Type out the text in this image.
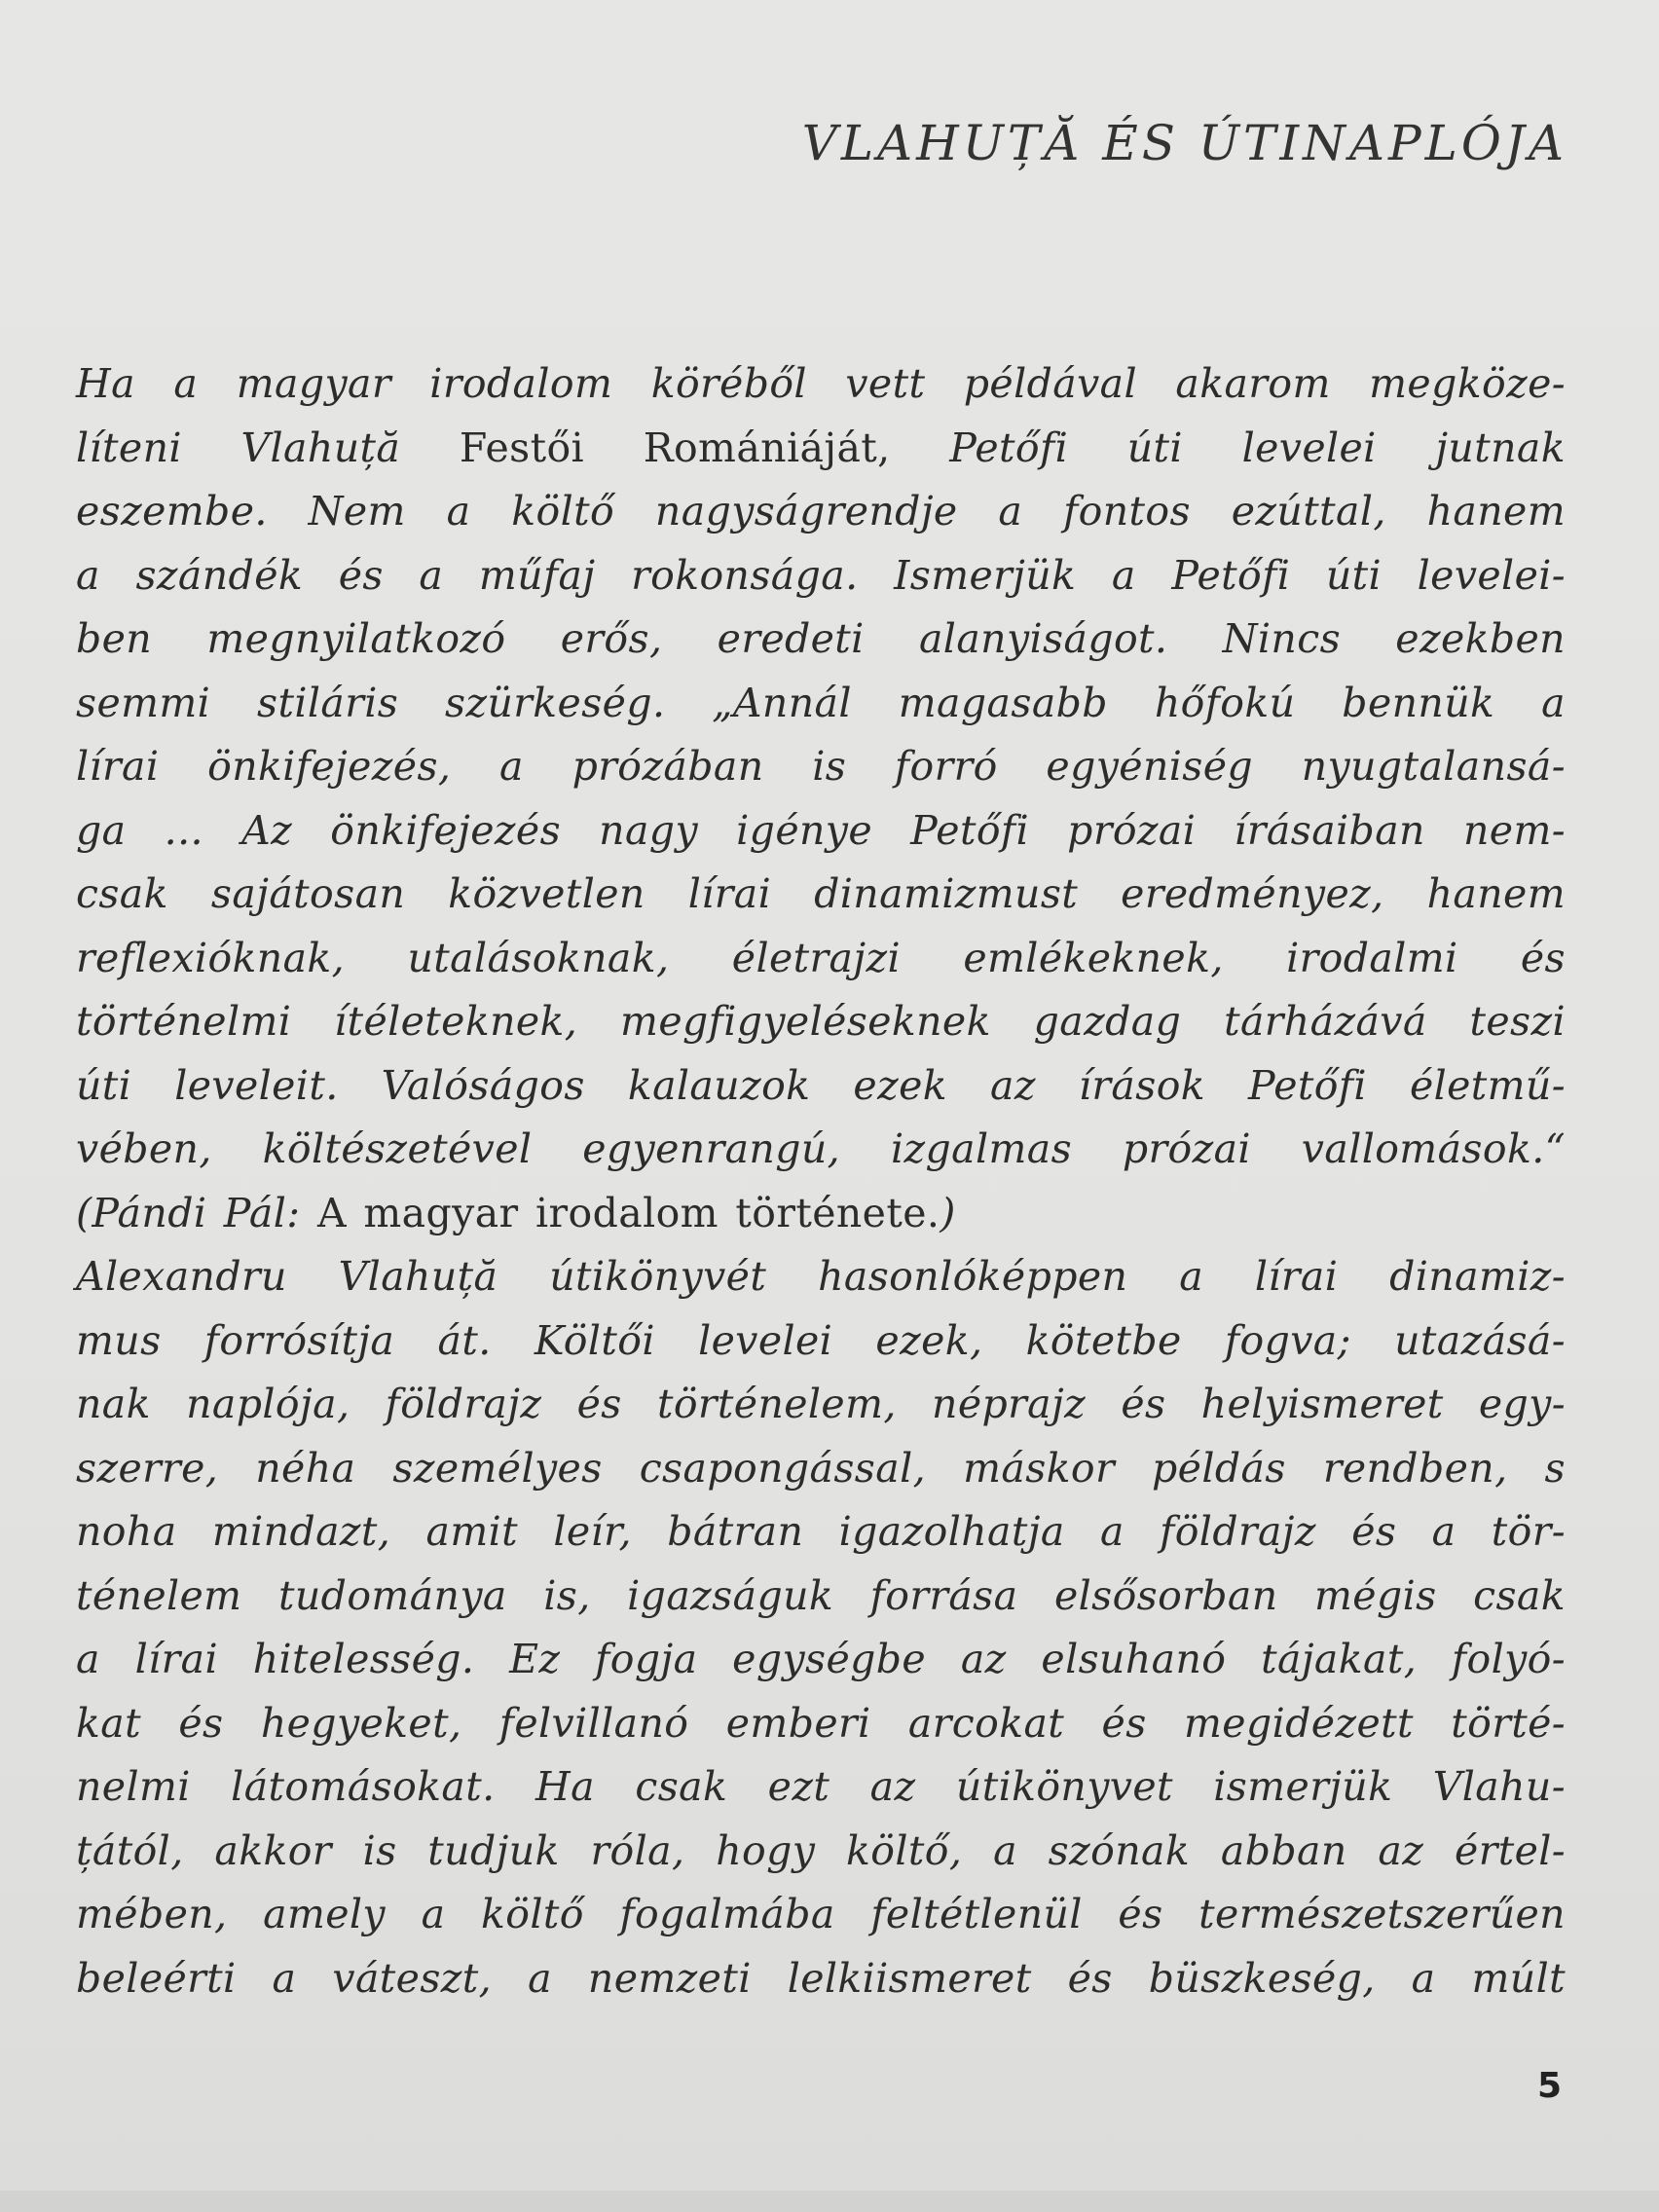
VLAHUȚĂ ÉS ÚTINAPLÓJA
Ha a magyar irodalom köréből vett példával akarom megköze-
líteni Vlahuță Festői Romániáját, Petőfi úti levelei jutnak
eszembe. Nem a költő nagyságrendje a fontos ezúttal, hanem
a szándék és a műfaj rokonsága. Ismerjük a Petőfi úti levelei-
ben megnyilatkozó erős, eredeti alanyiságot. Nincs ezekben
semmi stiláris szürkeség. „Annál magasabb hőfokú bennük a
lírai önkifejezés, a prózában is forró egyéniség nyugtalansá-
ga ... Az önkifejezés nagy igénye Petőfi prózai írásaiban nem-
csak sajátosan közvetlen lírai dinamizmust eredményez, hanem
reflexióknak, utalásoknak, életrajzi emlékeknek, irodalmi és
történelmi ítéleteknek, megfigyeléseknek gazdag tárházává teszi
úti leveleit. Valóságos kalauzok ezek az írások Petőfi életmű-
vében, költészetével egyenrangú, izgalmas prózai vallomások.“
(Pándi Pál: A magyar irodalom története.)
Alexandru Vlahuță útikönyvét hasonlóképpen a lírai dinamiz-
mus forrósítja át. Költői levelei ezek, kötetbe fogva; utazásá-
nak naplója, földrajz és történelem, néprajz és helyismeret egy-
szerre, néha személyes csapongással, máskor példás rendben, s
noha mindazt, amit leír, bátran igazolhatja a földrajz és a tör-
ténelem tudománya is, igazságuk forrása elsősorban mégis csak
a lírai hitelesség. Ez fogja egységbe az elsuhanó tájakat, folyó-
kat és hegyeket, felvillanó emberi arcokat és megidézett törté-
nelmi látomásokat. Ha csak ezt az útikönyvet ismerjük Vlahu-
țától, akkor is tudjuk róla, hogy költő, a szónak abban az értel-
mében, amely a költő fogalmába feltétlenül és természetszerűen
beleérti a váteszt, a nemzeti lelkiismeret és büszkeség, a múlt
5
